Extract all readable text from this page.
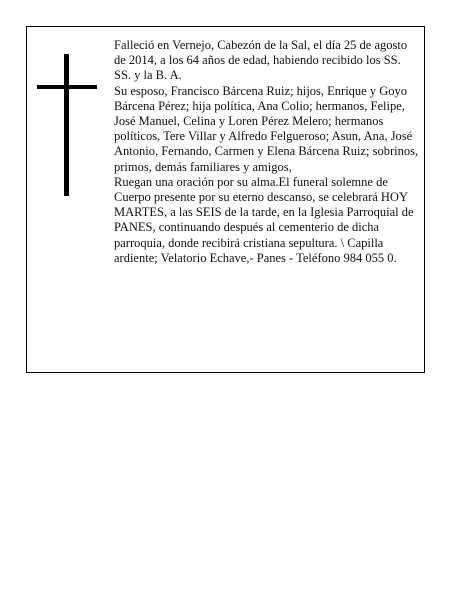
Falleció en Vernejo, Cabezón de la Sal, el día 25 de agosto de 2014, a los 64 años de edad, habiendo recibido los SS. SS. y la B. A.

Su esposo, Francisco Bárcena Ruiz; hijos, Enrique y Goyo Bárcena Pérez; hija política, Ana Colio; hermanos, Felipe, José Manuel, Celina y Loren Pérez Melero; hermanos políticos, Tere Villar y Alfredo Felgueroso; Asun, Ana, José Antonio, Fernando, Carmen y Elena Bárcena Ruiz; sobrinos, primos, demás familiares y amigos,

Ruegan una oración por su alma.El funeral solemne de Cuerpo presente por su eterno descanso, se celebrará HOY MARTES, a las SEIS de la tarde, en la Iglesia Parroquial de PANES, continuando después al cementerio de dicha parroquia, donde recibirá cristiana sepultura. \ Capilla ardiente; Velatorio Echave,- Panes - Teléfono 984 055 0.
